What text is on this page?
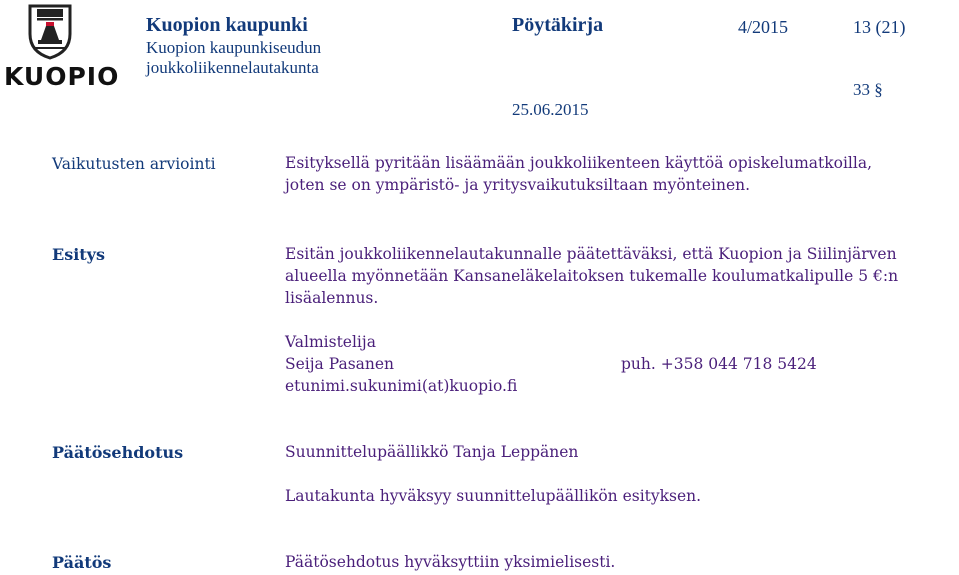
KUOPIO
Kuopion kaupunki	Pöytäkirja	4/2015	13 (21)
Kuopion kaupunkiseudun
joukkoliikennelautakunta
33 §
25.06.2015
Vaikutusten arviointi	Esityksellä pyritään lisäämään joukkoliikenteen käyttöä opiskelumatkoilla,
joten se on ympäristö- ja yritysvaikutuksiltaan myönteinen.
Esitys	Esitän joukkoliikennelautakunnalle päätettäväksi, että Kuopion ja Siilinjärven
alueella myönnetään Kansaneläkelaitoksen tukemalle koulumatkalipulle 5 €:n
lisäalennus.
Valmistelija
Seija Pasanen	puh. +358 044 718 5424
etunimi.sukunimi(at)kuopio.fi
Päätösehdotus	Suunnittelupäällikkö Tanja Leppänen
Lautakunta hyväksyy suunnittelupäällikön esityksen.
Päätös	Päätösehdotus hyväksyttiin yksimielisesti.
